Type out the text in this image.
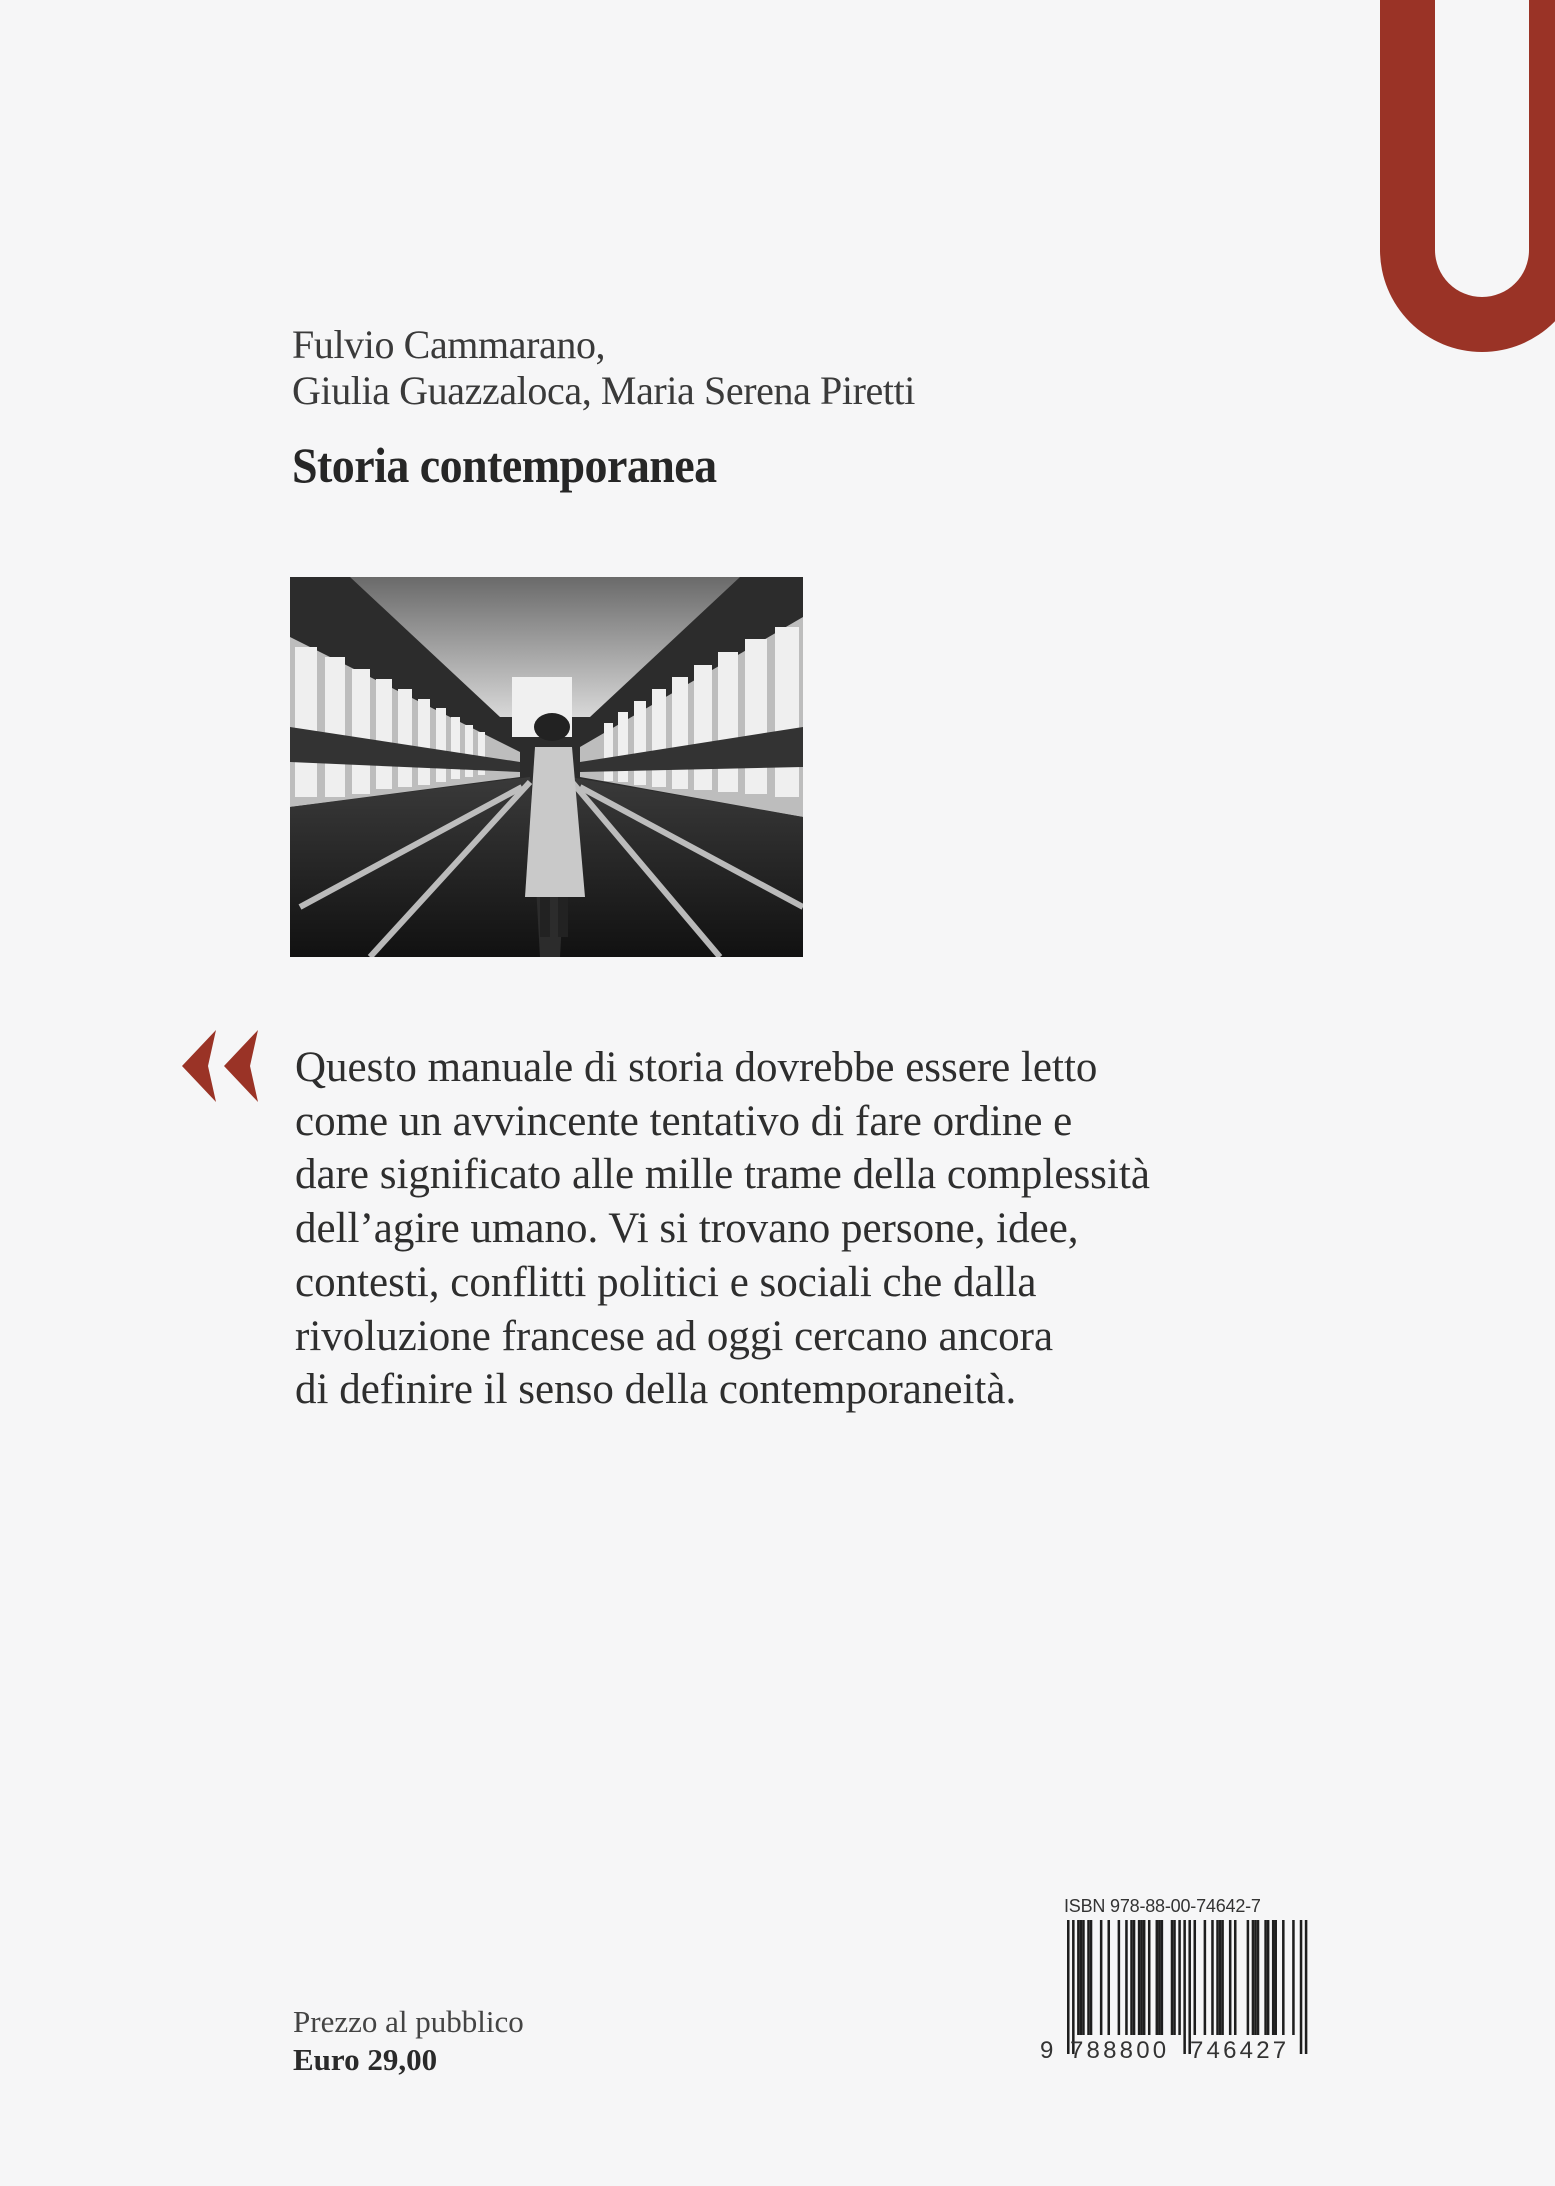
Fulvio Cammarano,
Giulia Guazzaloca, Maria Serena Piretti
Storia contemporanea
Questo manuale di storia dovrebbe essere letto
come un avvincente tentativo di fare ordine e
dare significato alle mille trame della complessità
dell’agire umano. Vi si trovano persone, idee,
contesti, conflitti politici e sociali che dalla
rivoluzione francese ad oggi cercano ancora
di definire il senso della contemporaneità.
Prezzo al pubblico
Euro 29,00
ISBN 978-88-00-74642-7
9 788800 746427
